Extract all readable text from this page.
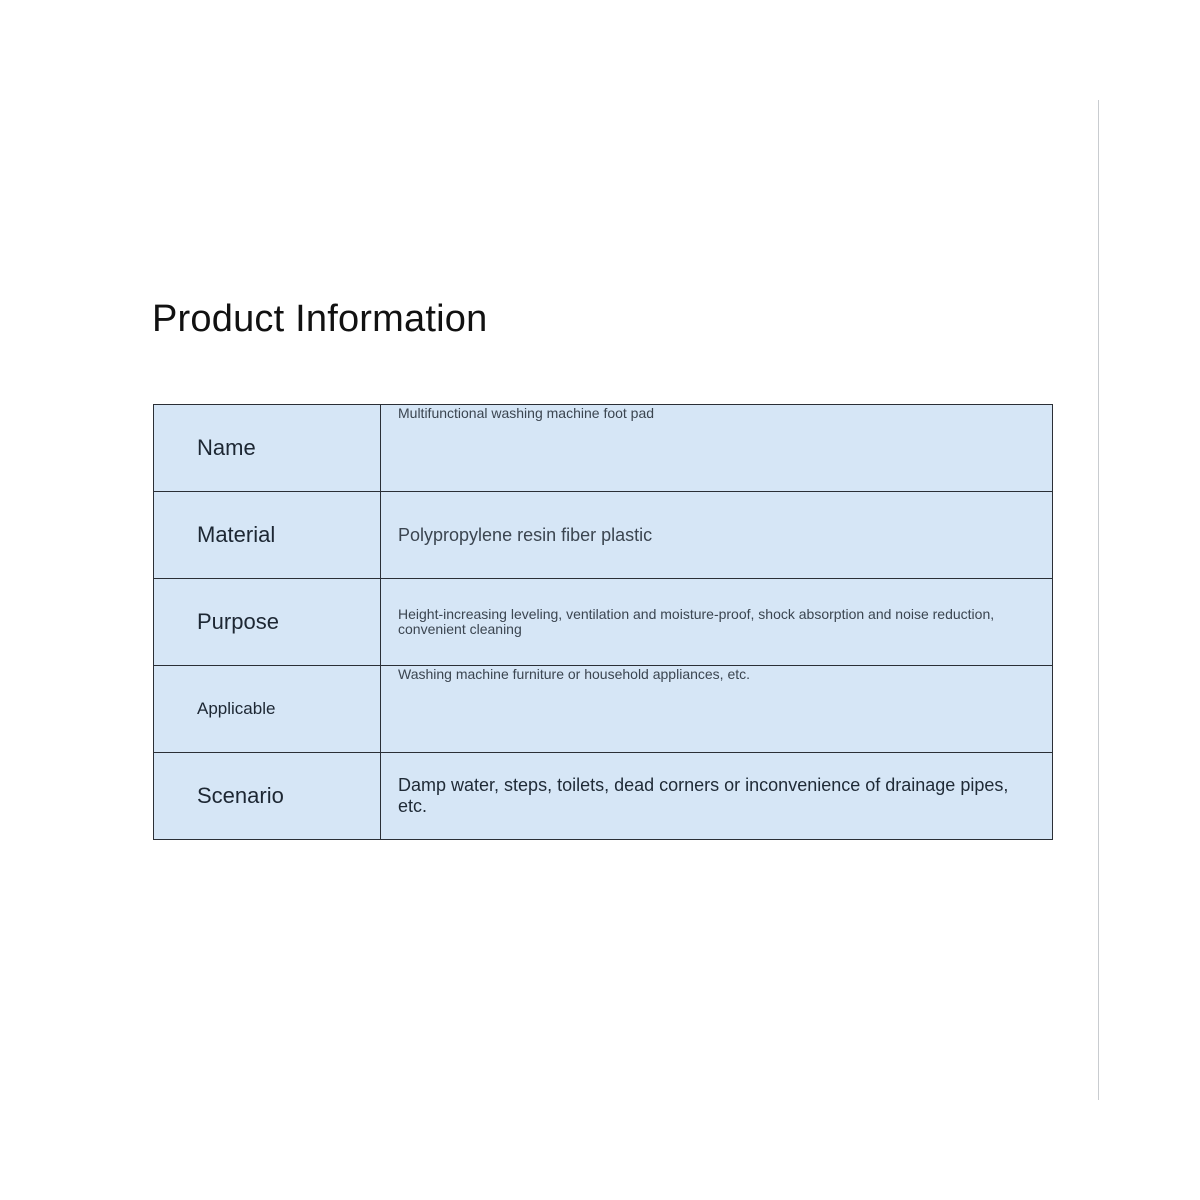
Product Information
Name	Multifunctional washing machine foot pad
Material	Polypropylene resin fiber plastic
Purpose	Height-increasing leveling, ventilation and moisture-proof, shock absorption and noise reduction, convenient cleaning

Applicable	Washing machine furniture or household appliances, etc.
Scenario	Damp water, steps, toilets, dead corners or inconvenience of drainage pipes, etc.
